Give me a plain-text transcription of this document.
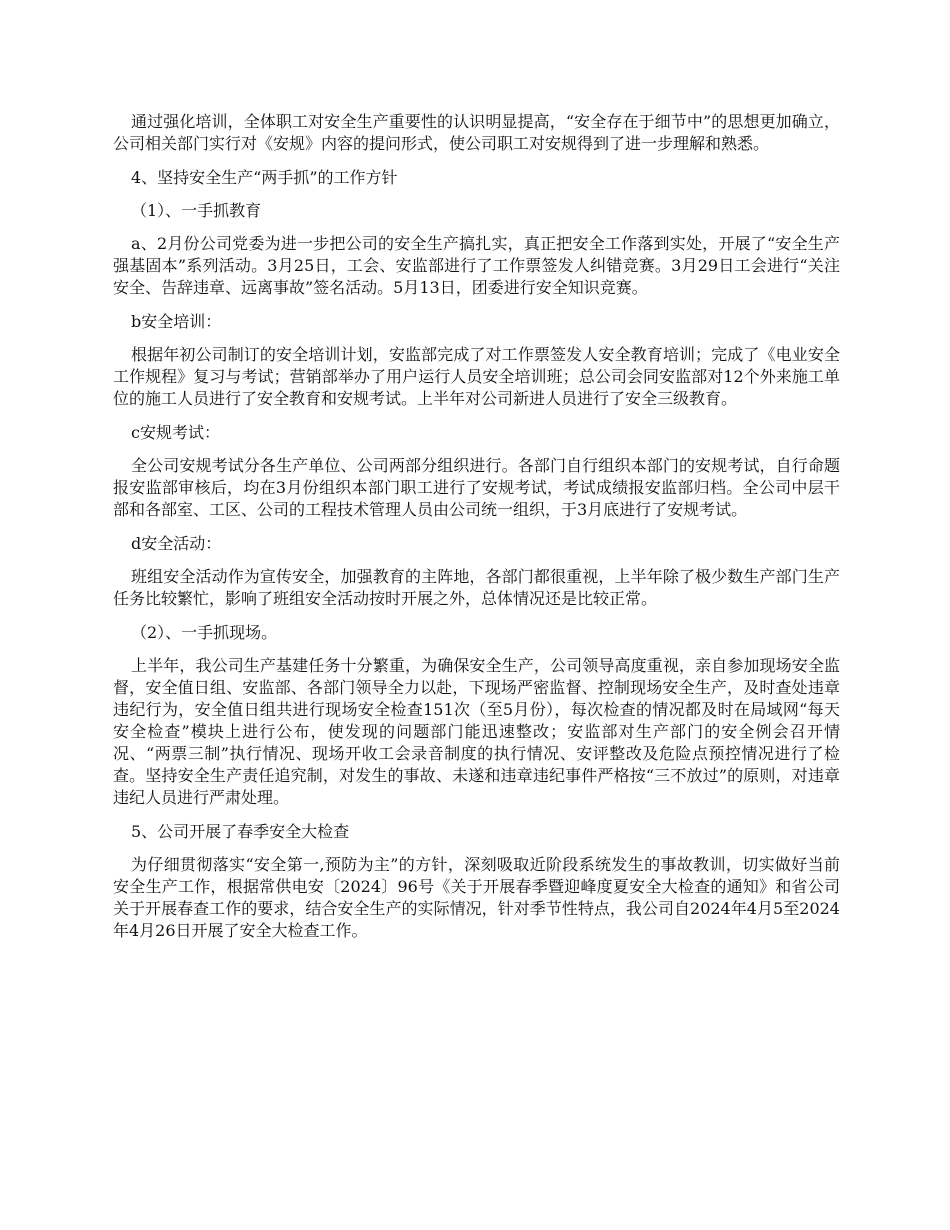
通过强化培训，全体职工对安全生产重要性的认识明显提高，“安全存在于细节中”的思想更加确立，公司相关部门实行对《安规》内容的提问形式，使公司职工对安规得到了进一步理解和熟悉。

4、坚持安全生产“两手抓”的工作方针

（1）、一手抓教育

a、2月份公司党委为进一步把公司的安全生产搞扎实，真正把安全工作落到实处，开展了“安全生产强基固本”系列活动。3月25日，工会、安监部进行了工作票签发人纠错竞赛。3月29日工会进行“关注安全、告辞违章、远离事故”签名活动。5月13日，团委进行安全知识竞赛。

b安全培训：

根据年初公司制订的安全培训计划，安监部完成了对工作票签发人安全教育培训；完成了《电业安全工作规程》复习与考试；营销部举办了用户运行人员安全培训班；总公司会同安监部对12个外来施工单位的施工人员进行了安全教育和安规考试。上半年对公司新进人员进行了安全三级教育。

c安规考试：

全公司安规考试分各生产单位、公司两部分组织进行。各部门自行组织本部门的安规考试，自行命题报安监部审核后，均在3月份组织本部门职工进行了安规考试，考试成绩报安监部归档。全公司中层干部和各部室、工区、公司的工程技术管理人员由公司统一组织，于3月底进行了安规考试。

d安全活动：

班组安全活动作为宣传安全，加强教育的主阵地，各部门都很重视，上半年除了极少数生产部门生产任务比较繁忙，影响了班组安全活动按时开展之外，总体情况还是比较正常。

（2）、一手抓现场。

上半年，我公司生产基建任务十分繁重，为确保安全生产，公司领导高度重视，亲自参加现场安全监督，安全值日组、安监部、各部门领导全力以赴，下现场严密监督、控制现场安全生产，及时查处违章违纪行为，安全值日组共进行现场安全检查151次（至5月份），每次检查的情况都及时在局域网“每天安全检查”模块上进行公布，使发现的问题部门能迅速整改；安监部对生产部门的安全例会召开情况、“两票三制”执行情况、现场开收工会录音制度的执行情况、安评整改及危险点预控情况进行了检查。坚持安全生产责任追究制，对发生的事故、未遂和违章违纪事件严格按“三不放过”的原则，对违章违纪人员进行严肃处理。

5、公司开展了春季安全大检查

为仔细贯彻落实“安全第一,预防为主”的方针，深刻吸取近阶段系统发生的事故教训，切实做好当前安全生产工作，根据常供电安〔2024〕96号《关于开展春季暨迎峰度夏安全大检查的通知》和省公司关于开展春查工作的要求，结合安全生产的实际情况，针对季节性特点，我公司自2024年4月5至2024年4月26日开展了安全大检查工作。
